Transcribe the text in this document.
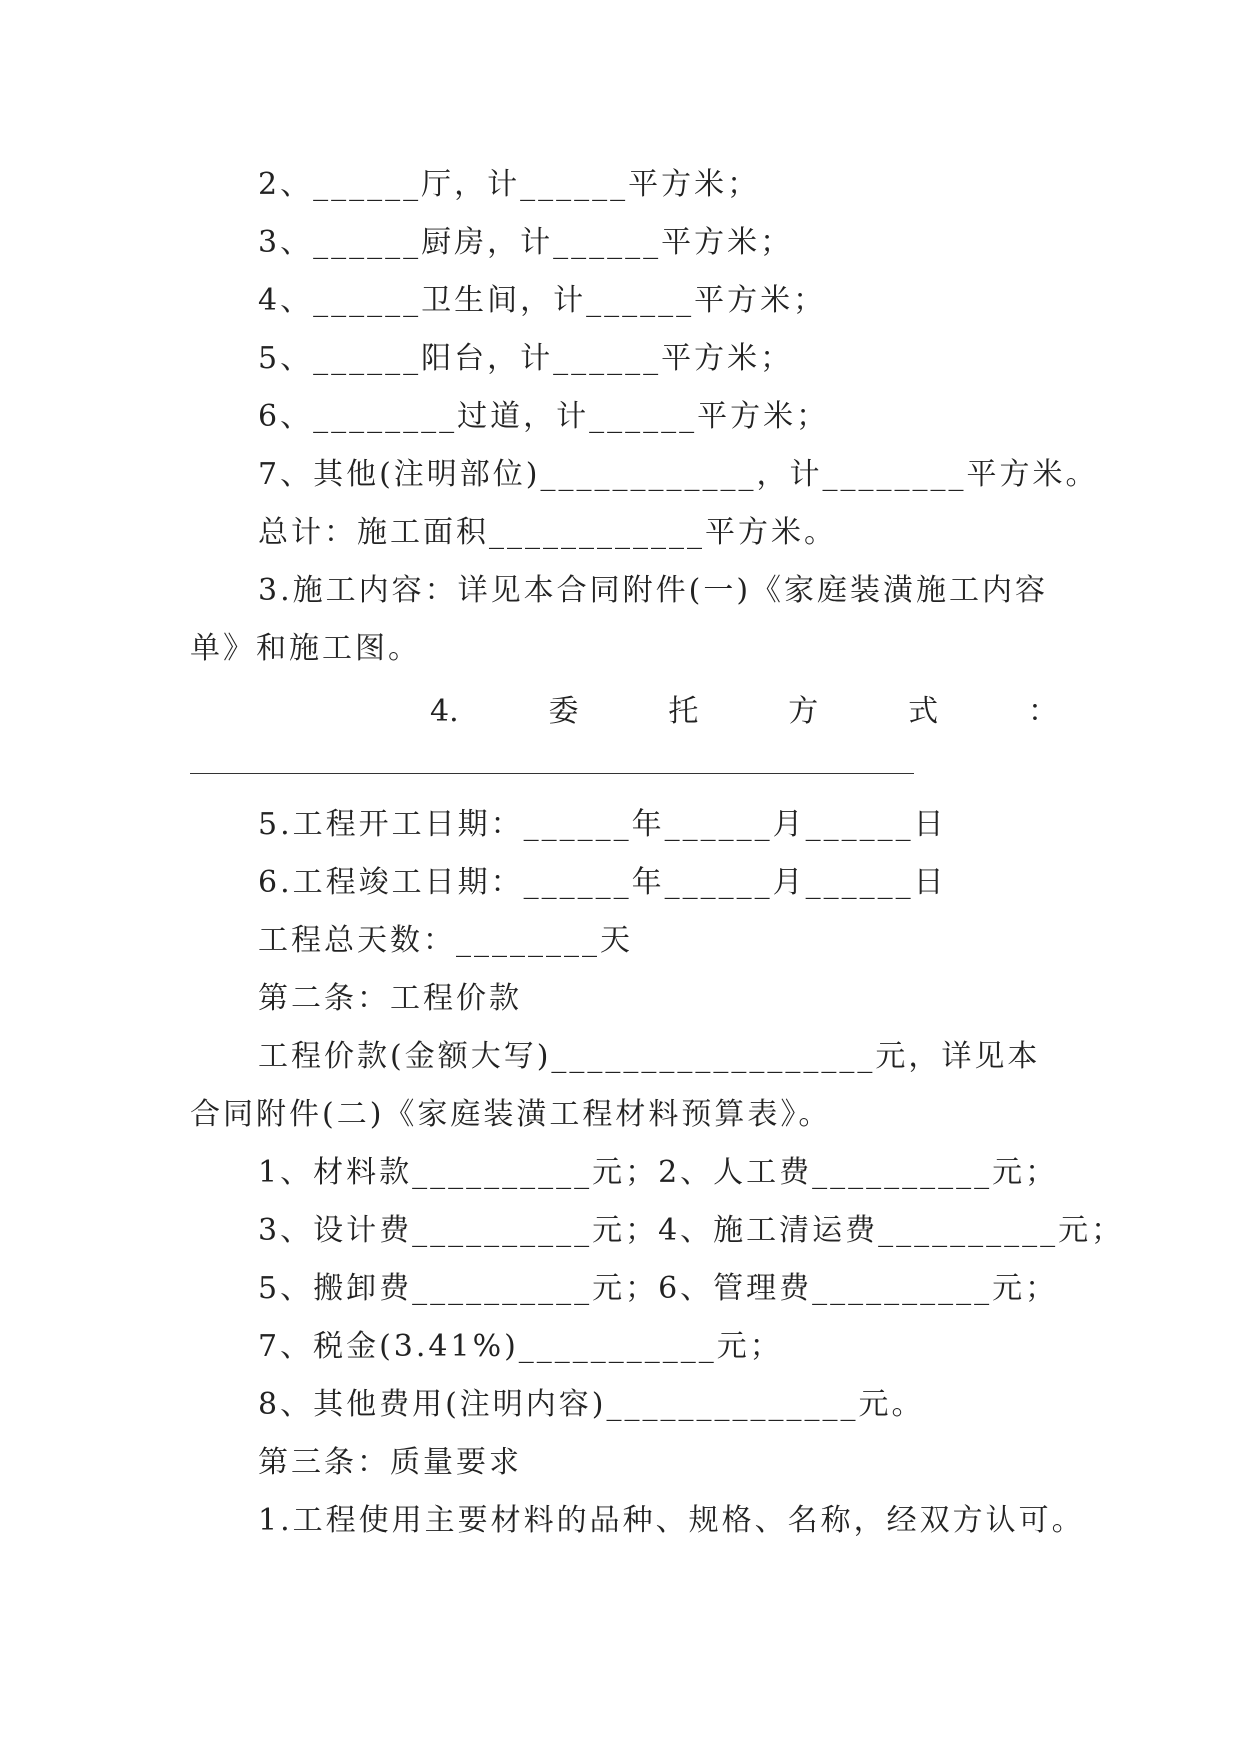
2、______厅，计______平方米；
3、______厨房，计______平方米；
4、______卫生间，计______平方米；
5、______阳台，计______平方米；
6、________过道，计______平方米；
7、其他(注明部位)____________，计________平方米。
总计：施工面积____________平方米。
3.施工内容：详见本合同附件(一)《家庭装潢施工内容
单》和施工图。
4.	委	托	方	式	：
5.工程开工日期：______年______月______日
6.工程竣工日期：______年______月______日
工程总天数：________天
第二条：工程价款
工程价款(金额大写)__________________元，详见本
合同附件(二)《家庭装潢工程材料预算表》。
1、材料款__________元；2、人工费__________元；
3、设计费__________元；4、施工清运费__________元；
5、搬卸费__________元；6、管理费__________元；
7、税金(3.41%)___________元；
8、其他费用(注明内容)______________元。
第三条：质量要求
1.工程使用主要材料的品种、规格、名称，经双方认可。
